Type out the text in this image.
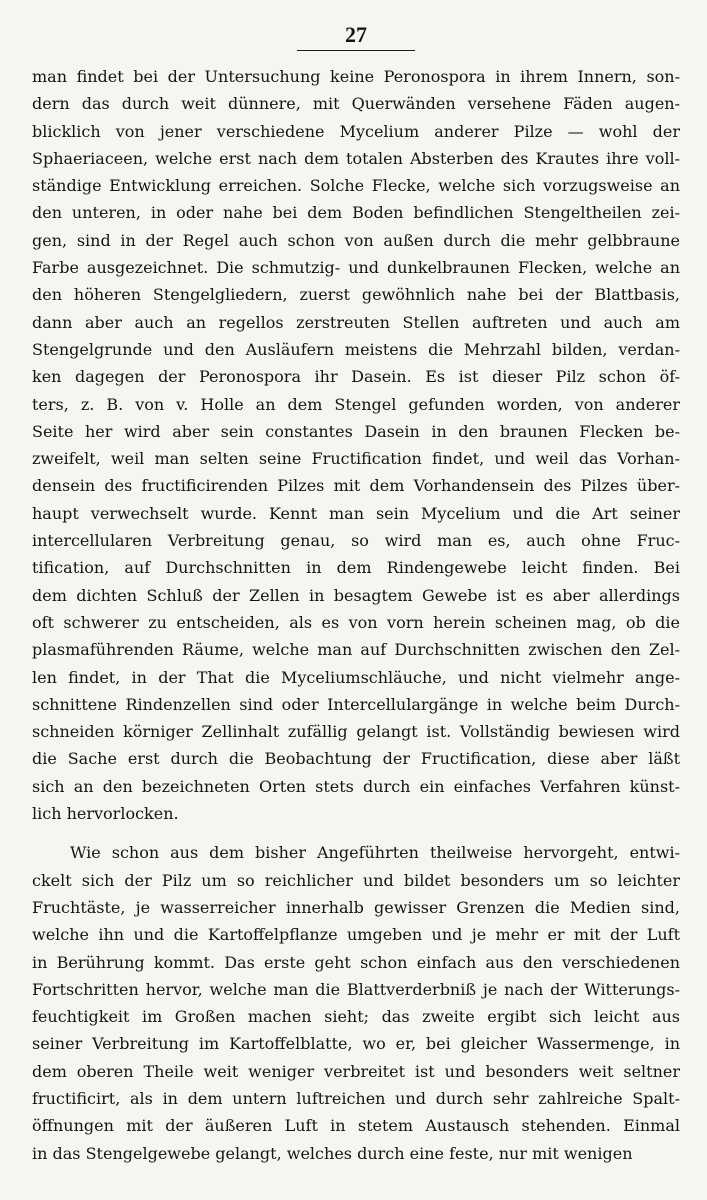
27
man findet bei der Untersuchung keine Peronospora in ihrem Innern, son-
dern das durch weit dünnere, mit Querwänden versehene Fäden augen-
blicklich von jener verschiedene Mycelium anderer Pilze — wohl der
Sphaeriaceen, welche erst nach dem totalen Absterben des Krautes ihre voll-
ständige Entwicklung erreichen. Solche Flecke, welche sich vorzugsweise an
den unteren, in oder nahe bei dem Boden befindlichen Stengeltheilen zei-
gen, sind in der Regel auch schon von außen durch die mehr gelbbraune
Farbe ausgezeichnet. Die schmutzig- und dunkelbraunen Flecken, welche an
den höheren Stengelgliedern, zuerst gewöhnlich nahe bei der Blattbasis,
dann aber auch an regellos zerstreuten Stellen auftreten und auch am
Stengelgrunde und den Ausläufern meistens die Mehrzahl bilden, verdan-
ken dagegen der Peronospora ihr Dasein. Es ist dieser Pilz schon öf-
ters, z. B. von v. Holle an dem Stengel gefunden worden, von anderer
Seite her wird aber sein constantes Dasein in den braunen Flecken be-
zweifelt, weil man selten seine Fructification findet, und weil das Vorhan-
densein des fructificirenden Pilzes mit dem Vorhandensein des Pilzes über-
haupt verwechselt wurde. Kennt man sein Mycelium und die Art seiner
intercellularen Verbreitung genau, so wird man es, auch ohne Fruc-
tification, auf Durchschnitten in dem Rindengewebe leicht finden. Bei
dem dichten Schluß der Zellen in besagtem Gewebe ist es aber allerdings
oft schwerer zu entscheiden, als es von vorn herein scheinen mag, ob die
plasmaführenden Räume, welche man auf Durchschnitten zwischen den Zel-
len findet, in der That die Myceliumschläuche, und nicht vielmehr ange-
schnittene Rindenzellen sind oder Intercellulargänge in welche beim Durch-
schneiden körniger Zellinhalt zufällig gelangt ist. Vollständig bewiesen wird
die Sache erst durch die Beobachtung der Fructification, diese aber läßt
sich an den bezeichneten Orten stets durch ein einfaches Verfahren künst-
lich hervorlocken.
Wie schon aus dem bisher Angeführten theilweise hervorgeht, entwi-
ckelt sich der Pilz um so reichlicher und bildet besonders um so leichter
Fruchtäste, je wasserreicher innerhalb gewisser Grenzen die Medien sind,
welche ihn und die Kartoffelpflanze umgeben und je mehr er mit der Luft
in Berührung kommt. Das erste geht schon einfach aus den verschiedenen
Fortschritten hervor, welche man die Blattverderbniß je nach der Witterungs-
feuchtigkeit im Großen machen sieht; das zweite ergibt sich leicht aus
seiner Verbreitung im Kartoffelblatte, wo er, bei gleicher Wassermenge, in
dem oberen Theile weit weniger verbreitet ist und besonders weit seltner
fructificirt, als in dem untern luftreichen und durch sehr zahlreiche Spalt-
öffnungen mit der äußeren Luft in stetem Austausch stehenden. Einmal
in das Stengelgewebe gelangt, welches durch eine feste, nur mit wenigen
